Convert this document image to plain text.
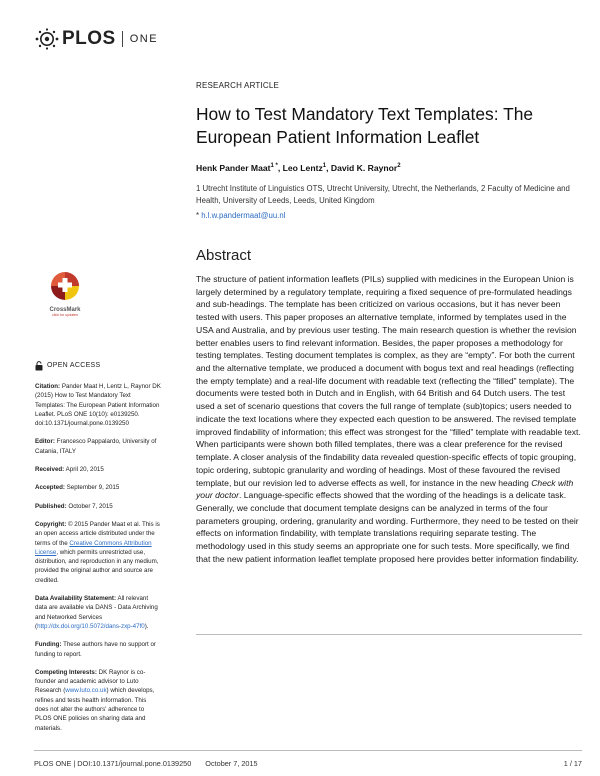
PLOS ONE
RESEARCH ARTICLE
How to Test Mandatory Text Templates: The European Patient Information Leaflet
Henk Pander Maat$^{1 *}$, Leo Lentz$^1$, David K. Raynor$^2$
1 Utrecht Institute of Linguistics OTS, Utrecht University, Utrecht, the Netherlands, 2 Faculty of Medicine and Health, University of Leeds, Leeds, United Kingdom
* h.l.w.pandermaat@uu.nl
Abstract
The structure of patient information leaflets (PILs) supplied with medicines in the European Union is largely determined by a regulatory template, requiring a fixed sequence of pre-formulated headings and sub-headings. The template has been criticized on various occasions, but it has never been tested with users. This paper proposes an alternative template, informed by templates used in the USA and Australia, and by previous user testing. The main research question is whether the revision better enables users to find relevant information. Besides, the paper proposes a methodology for testing templates. Testing document templates is complex, as they are “empty”. For both the current and the alternative template, we produced a document with bogus text and real headings (reflecting the empty template) and a real-life document with readable text (reflecting the “filled” template). The documents were tested both in Dutch and in English, with 64 British and 64 Dutch users. The test used a set of scenario questions that covers the full range of template (sub)topics; users needed to indicate the text locations where they expected each question to be answered. The revised template improved findability of information; this effect was strongest for the “filled” template with readable text. When participants were shown both filled templates, there was a clear preference for the revised template. A closer analysis of the findability data revealed question-specific effects of topic grouping, topic ordering, subtopic granularity and wording of headings. Most of these favoured the revised template, but our revision led to adverse effects as well, for instance in the new heading Check with your doctor. Language-specific effects showed that the wording of the headings is a delicate task. Generally, we conclude that document template designs can be analyzed in terms of the four parameters grouping, ordering, granularity and wording. Furthermore, they need to be tested on their effects on information findability, with template translations requiring separate testing. The methodology used in this study seems an appropriate one for such tests. More specifically, we find that the new patient information leaflet template proposed here provides better information findability.
CrossMark
click for updates
OPEN ACCESS
Citation: Pander Maat H, Lentz L, Raynor DK (2015) How to Test Mandatory Text Templates: The European Patient Information Leaflet. PLoS ONE 10(10): e0139250. doi:10.1371/journal.pone.0139250
Editor: Francesco Pappalardo, University of Catania, ITALY
Received: April 20, 2015
Accepted: September 9, 2015
Published: October 7, 2015
Copyright: © 2015 Pander Maat et al. This is an open access article distributed under the terms of the Creative Commons Attribution License, which permits unrestricted use, distribution, and reproduction in any medium, provided the original author and source are credited.
Data Availability Statement: All relevant data are available via DANS - Data Archiving and Networked Services (http://dx.doi.org/10.5072/dans-zxp-47f0).
Funding: These authors have no support or funding to report.
Competing Interests: DK Raynor is co-founder and academic advisor to Luto Research (www.luto.co.uk) which develops, refines and tests health information. This does not alter the authors' adherence to PLOS ONE policies on sharing data and materials.
PLOS ONE | DOI:10.1371/journal.pone.0139250 October 7, 2015	1 / 17
